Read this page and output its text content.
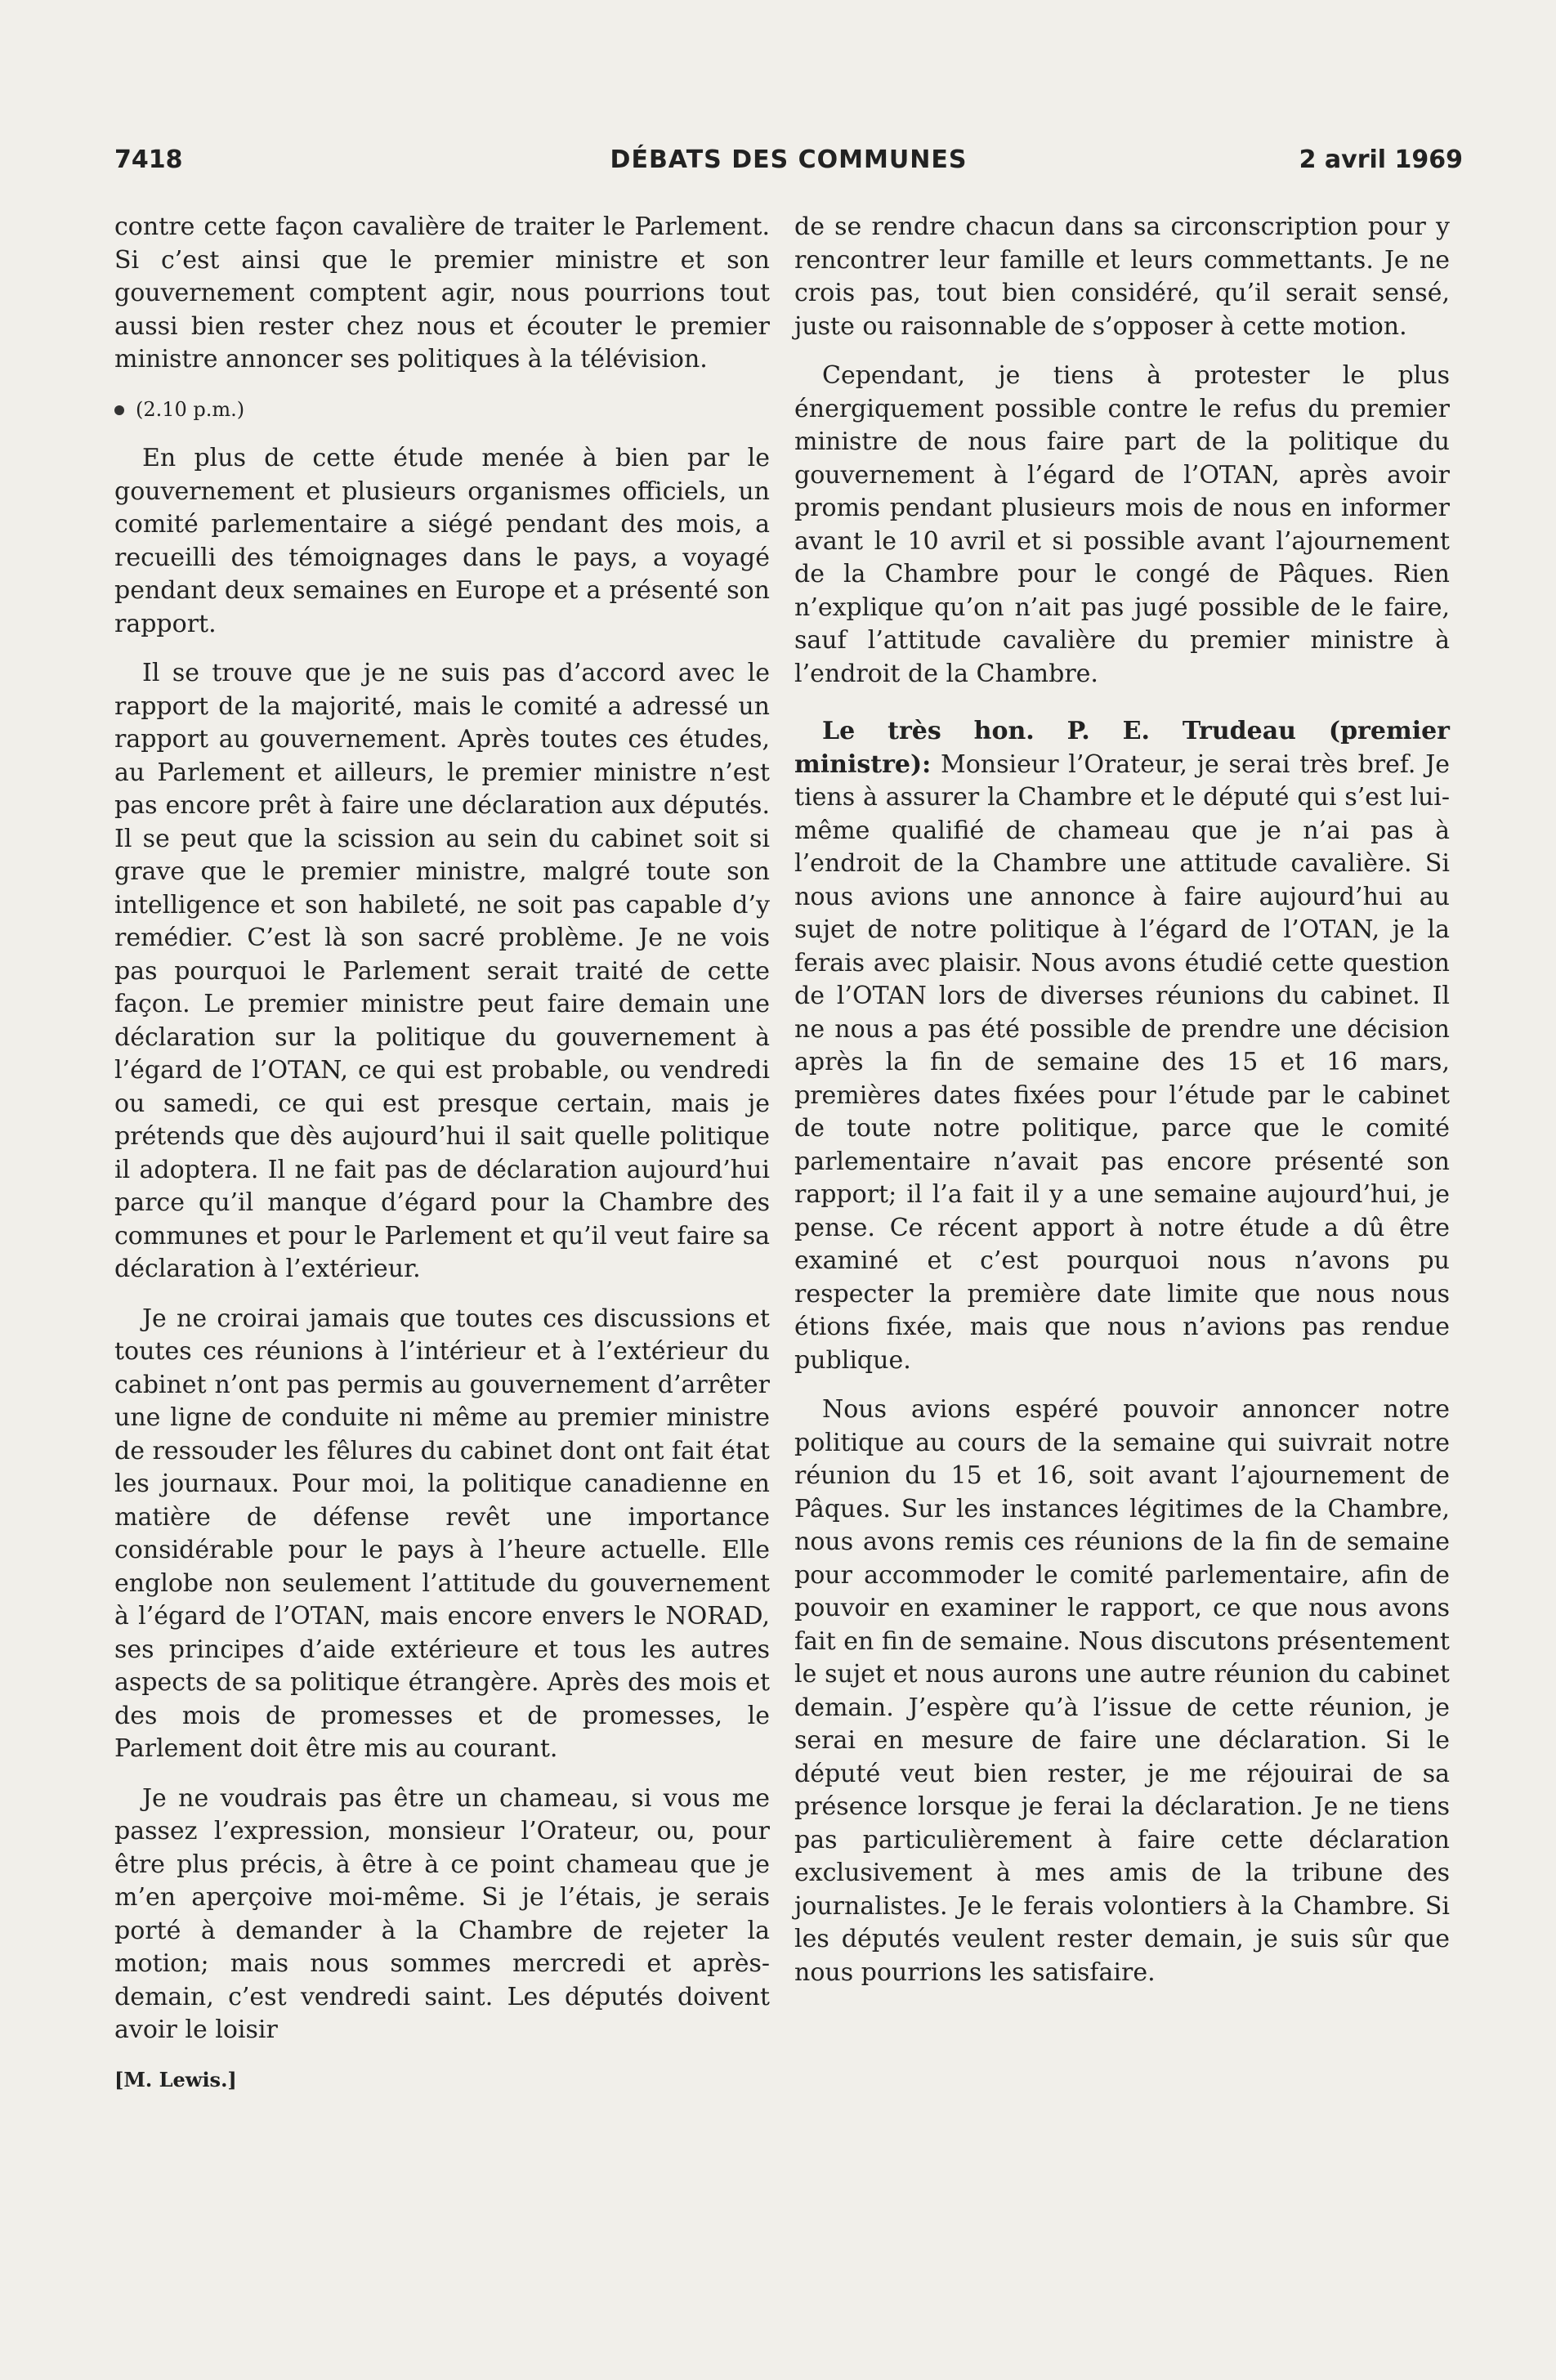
7418	DÉBATS DES COMMUNES	2 avril 1969

contre cette façon cavalière de traiter le Parlement. Si c’est ainsi que le premier ministre et son gouvernement comptent agir, nous pourrions tout aussi bien rester chez nous et écouter le premier ministre annoncer ses politiques à la télévision.

(2.10 p.m.)

En plus de cette étude menée à bien par le gouvernement et plusieurs organismes officiels, un comité parlementaire a siégé pendant des mois, a recueilli des témoignages dans le pays, a voyagé pendant deux semaines en Europe et a présenté son rapport.

Il se trouve que je ne suis pas d’accord avec le rapport de la majorité, mais le comité a adressé un rapport au gouvernement. Après toutes ces études, au Parlement et ailleurs, le premier ministre n’est pas encore prêt à faire une déclaration aux députés. Il se peut que la scission au sein du cabinet soit si grave que le premier ministre, malgré toute son intelligence et son habileté, ne soit pas capable d’y remédier. C’est là son sacré problème. Je ne vois pas pourquoi le Parlement serait traité de cette façon. Le premier ministre peut faire demain une déclaration sur la politique du gouvernement à l’égard de l’OTAN, ce qui est probable, ou vendredi ou samedi, ce qui est presque certain, mais je prétends que dès aujourd’hui il sait quelle politique il adoptera. Il ne fait pas de déclaration aujourd’hui parce qu’il manque d’égard pour la Chambre des communes et pour le Parlement et qu’il veut faire sa déclaration à l’extérieur.

Je ne croirai jamais que toutes ces discussions et toutes ces réunions à l’intérieur et à l’extérieur du cabinet n’ont pas permis au gouvernement d’arrêter une ligne de conduite ni même au premier ministre de ressouder les fêlures du cabinet dont ont fait état les journaux. Pour moi, la politique canadienne en matière de défense revêt une importance considérable pour le pays à l’heure actuelle. Elle englobe non seulement l’attitude du gouvernement à l’égard de l’OTAN, mais encore envers le NORAD, ses principes d’aide extérieure et tous les autres aspects de sa politique étrangère. Après des mois et des mois de promesses et de promesses, le Parlement doit être mis au courant.

Je ne voudrais pas être un chameau, si vous me passez l’expression, monsieur l’Orateur, ou, pour être plus précis, à être à ce point chameau que je m’en aperçoive moi-même. Si je l’étais, je serais porté à demander à la Chambre de rejeter la motion; mais nous sommes mercredi et après-demain, c’est vendredi saint. Les députés doivent avoir le loisir

[M. Lewis.]

de se rendre chacun dans sa circonscription pour y rencontrer leur famille et leurs commettants. Je ne crois pas, tout bien considéré, qu’il serait sensé, juste ou raisonnable de s’opposer à cette motion.

Cependant, je tiens à protester le plus énergiquement possible contre le refus du premier ministre de nous faire part de la politique du gouvernement à l’égard de l’OTAN, après avoir promis pendant plusieurs mois de nous en informer avant le 10 avril et si possible avant l’ajournement de la Chambre pour le congé de Pâques. Rien n’explique qu’on n’ait pas jugé possible de le faire, sauf l’attitude cavalière du premier ministre à l’endroit de la Chambre.

Le très hon. P. E. Trudeau (premier ministre): Monsieur l’Orateur, je serai très bref. Je tiens à assurer la Chambre et le député qui s’est lui-même qualifié de chameau que je n’ai pas à l’endroit de la Chambre une attitude cavalière. Si nous avions une annonce à faire aujourd’hui au sujet de notre politique à l’égard de l’OTAN, je la ferais avec plaisir. Nous avons étudié cette question de l’OTAN lors de diverses réunions du cabinet. Il ne nous a pas été possible de prendre une décision après la fin de semaine des 15 et 16 mars, premières dates fixées pour l’étude par le cabinet de toute notre politique, parce que le comité parlementaire n’avait pas encore présenté son rapport; il l’a fait il y a une semaine aujourd’hui, je pense. Ce récent apport à notre étude a dû être examiné et c’est pourquoi nous n’avons pu respecter la première date limite que nous nous étions fixée, mais que nous n’avions pas rendue publique.

Nous avions espéré pouvoir annoncer notre politique au cours de la semaine qui suivrait notre réunion du 15 et 16, soit avant l’ajournement de Pâques. Sur les instances légitimes de la Chambre, nous avons remis ces réunions de la fin de semaine pour accommoder le comité parlementaire, afin de pouvoir en examiner le rapport, ce que nous avons fait en fin de semaine. Nous discutons présentement le sujet et nous aurons une autre réunion du cabinet demain. J’espère qu’à l’issue de cette réunion, je serai en mesure de faire une déclaration. Si le député veut bien rester, je me réjouirai de sa présence lorsque je ferai la déclaration. Je ne tiens pas particulièrement à faire cette déclaration exclusivement à mes amis de la tribune des journalistes. Je le ferais volontiers à la Chambre. Si les députés veulent rester demain, je suis sûr que nous pourrions les satisfaire.
